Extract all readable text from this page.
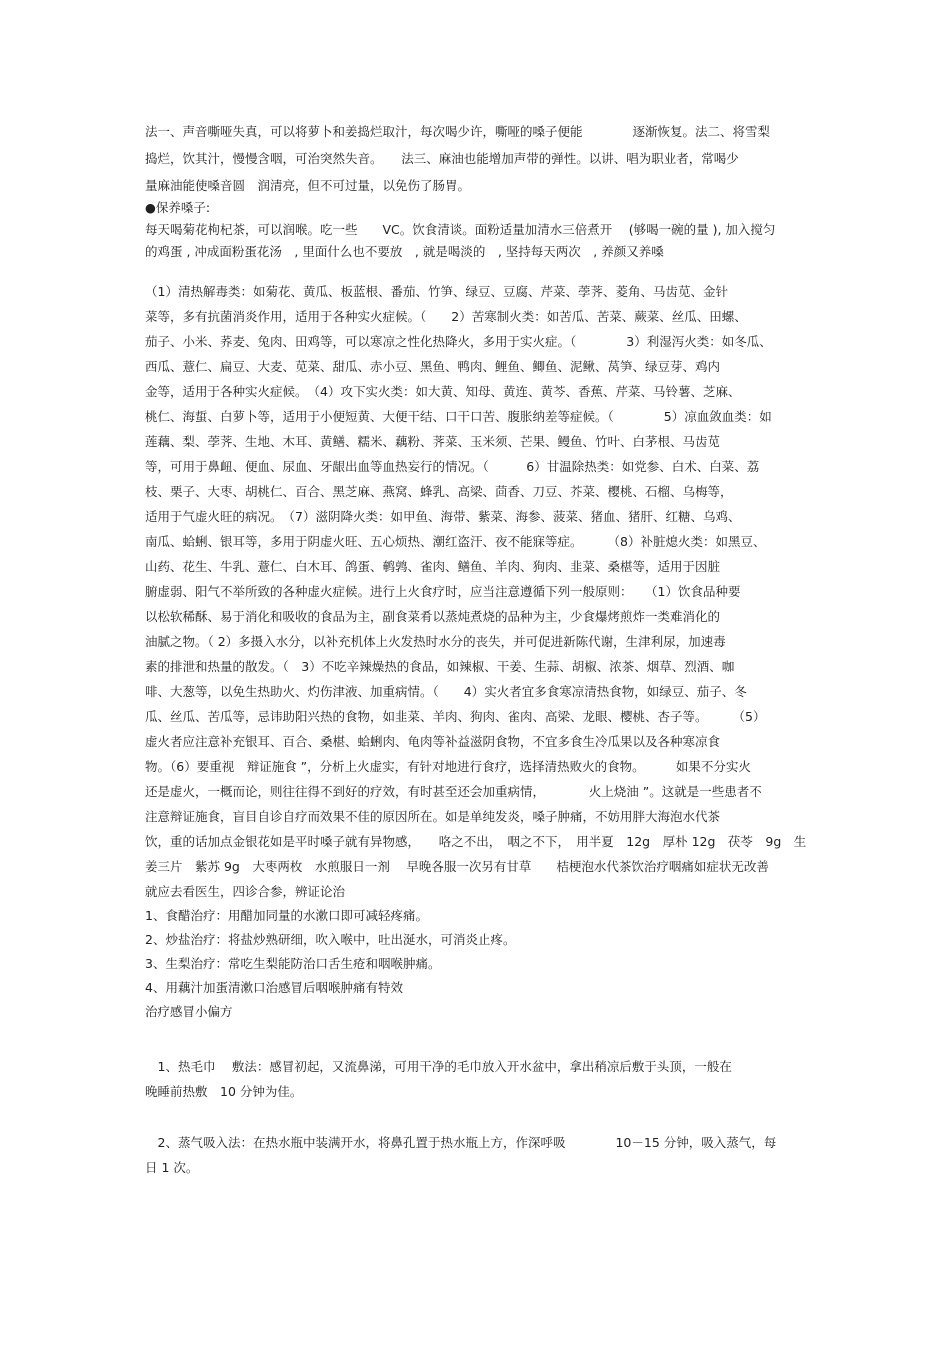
法一、声音嘶哑失真，可以将萝卜和姜捣烂取汁，每次喝少许，嘶哑的嗓子便能　　　　逐渐恢复。法二、将雪梨
捣烂，饮其汁，慢慢含咽，可治突然失音。　　法三、麻油也能增加声带的弹性。以讲、唱为职业者，常喝少
量麻油能使嗓音圆　润清亮，但不可过量，以免伤了肠胃。
●保养嗓子:
每天喝菊花枸杞茶，可以润喉。吃一些　　VC。饮食清谈。面粉适量加清水三倍煮开　 (够喝一碗的量 ), 加入搅匀
的鸡蛋 , 冲成面粉蛋花汤　, 里面什么也不要放　, 就是喝淡的　, 坚持每天两次　, 养颜又养嗓
（1）清热解毒类：如菊花、黄瓜、板蓝根、番茄、竹笋、绿豆、豆腐、芹菜、荸荠、菱角、马齿苋、金针
菜等，多有抗菌消炎作用，适用于各种实火症候。（　　2）苦寒制火类：如苦瓜、苦菜、蕨菜、丝瓜、田螺、
茄子、小米、荞麦、兔肉、田鸡等，可以寒凉之性化热降火，多用于实火症。（　　　　3）利湿泻火类：如冬瓜、
西瓜、薏仁、扁豆、大麦、苋菜、甜瓜、赤小豆、黑鱼、鸭肉、鲤鱼、鲫鱼、泥鳅、莴笋、绿豆芽、鸡内
金等，适用于各种实火症候。　（4）攻下实火类：如大黄、知母、黄连、黄芩、香蕉、芹菜、马铃薯、芝麻、
桃仁、海蜇、白萝卜等，适用于小便短黄、大便干结、口干口苦、腹胀纳差等症候。（　　　　5）凉血敛血类：如
莲藕、梨、荸荠、生地、木耳、黄鳝、糯米、藕粉、荠菜、玉米须、芒果、鳗鱼、竹叶、白茅根、马齿苋
等，可用于鼻衄、便血、尿血、牙龈出血等血热妄行的情况。（　　　6）甘温除热类：如党参、白术、白菜、荔
枝、栗子、大枣、胡桃仁、百合、黑芝麻、燕窝、蜂乳、高梁、茴香、刀豆、芥菜、樱桃、石榴、乌梅等，
适用于气虚火旺的病况。　（7）滋阴降火类：如甲鱼、海带、紫菜、海参、菠菜、猪血、猪肝、红糖、乌鸡、
南瓜、蛤蜊、银耳等，多用于阴虚火旺、五心烦热、潮红盗汗、夜不能寐等症。　　　（8）补脏熄火类：如黑豆、
山药、花生、牛乳、薏仁、白木耳、鸽蛋、鹌鹑、雀肉、鳝鱼、羊肉、狗肉、韭菜、桑椹等，适用于因脏
腑虚弱、阳气不举所致的各种虚火症候。进行上火食疗时，应当注意遵循下列一般原则：　　（1）饮食品种要
以松软稀酥、易于消化和吸收的食品为主，副食菜肴以蒸炖煮烧的品种为主，少食爆烤煎炸一类难消化的
油腻之物。（ 2）多摄入水分，以补充机体上火发热时水分的丧失，并可促进新陈代谢，生津利尿，加速毒
素的排泄和热量的散发。（　3）不吃辛辣燥热的食品，如辣椒、干姜、生蒜、胡椒、浓茶、烟草、烈酒、咖
啡、大葱等，以免生热助火、灼伤津液、加重病情。（　　4）实火者宜多食寒凉清热食物，如绿豆、茄子、冬
瓜、丝瓜、苦瓜等，忌讳助阳兴热的食物，如韭菜、羊肉、狗肉、雀肉、高梁、龙眼、樱桃、杏子等。　　　（5）
虚火者应注意补充银耳、百合、桑椹、蛤蜊肉、龟肉等补益滋阴食物，不宜多食生冷瓜果以及各种寒凉食
物。（6）要重视　辩证施食 ”，分析上火虚实，有针对地进行食疗，选择清热败火的食物。　　　如果不分实火
还是虚火，一概而论，则往往得不到好的疗效，有时甚至还会加重病情，　　　　火上烧油 ”。这就是一些患者不
注意辩证施食，盲目自诊自疗而效果不佳的原因所在。如是单纯发炎，嗓子肿痛，不妨用胖大海泡水代茶
饮，重的话加点金银花如是平时嗓子就有异物感，　　咯之不出，　咽之不下，　用半夏　12g　厚朴 12g　茯苓　9g　生
姜三片　紫苏 9g　大枣两枚　水煎服日一剂　 早晚各服一次另有甘草　　桔梗泡水代茶饮治疗咽痛如症状无改善
就应去看医生，四诊合参，辨证论治
1、食醋治疗：用醋加同量的水漱口即可减轻疼痛。
2、炒盐治疗：将盐炒熟研细，吹入喉中，吐出涎水，可消炎止疼。
3、生梨治疗：常吃生梨能防治口舌生疮和咽喉肿痛。
4、用藕汁加蛋清漱口治感冒后咽喉肿痛有特效
治疗感冒小偏方
　1、热毛巾　 敷法：感冒初起，又流鼻涕，可用干净的毛巾放入开水盆中，拿出稍凉后敷于头顶，一般在
晚睡前热敷　10 分钟为佳。
　2、蒸气吸入法：在热水瓶中装满开水，将鼻孔置于热水瓶上方，作深呼吸　　　　10－15 分钟，吸入蒸气，每
日 1 次。
